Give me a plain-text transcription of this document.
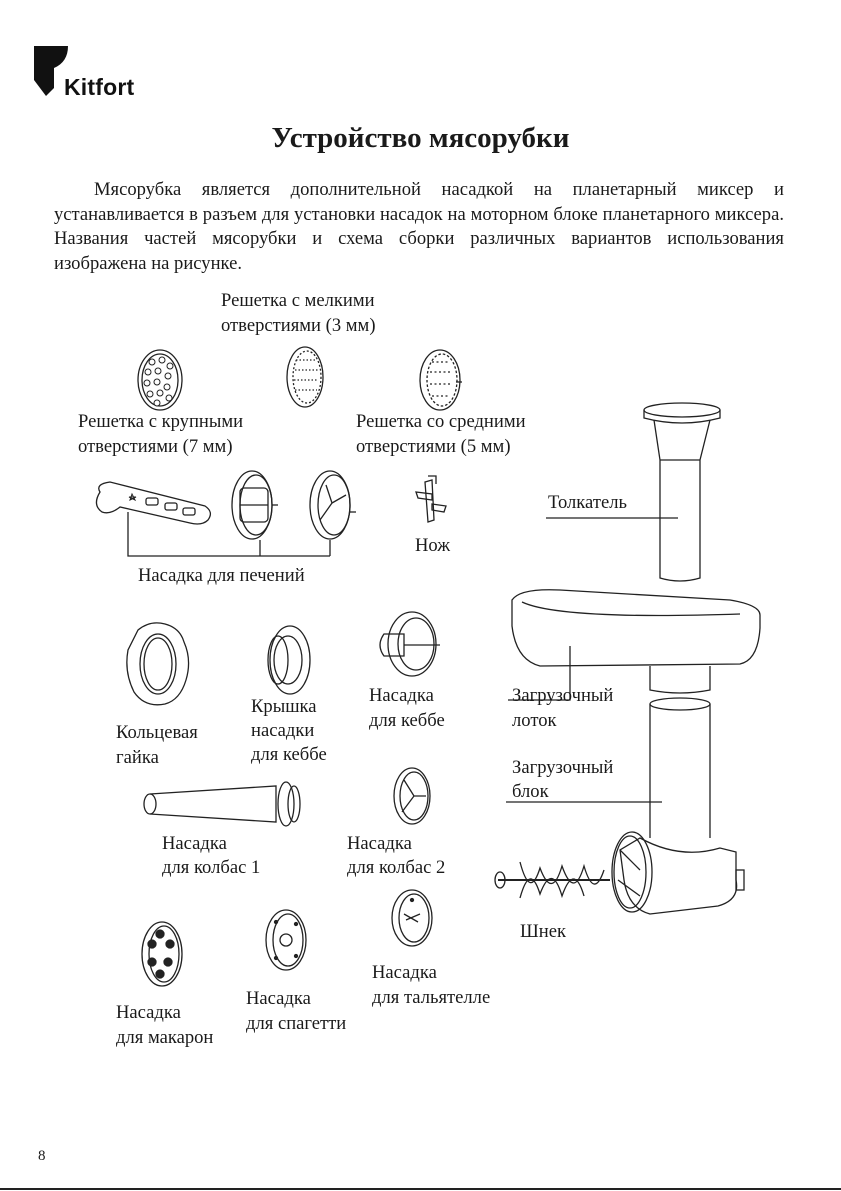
Kitfort
Устройство мясорубки
Мясорубка является дополнительной насадкой на планетарный миксер и устанавливается в разъем для установки насадок на моторном блоке планетарного миксера. Названия частей мясорубки и схема сборки различных вариантов использования изображена на рисунке.
Решетка с мелкими
отверстиями (3 мм)
Решетка с крупными
отверстиями (7 мм)
Решетка со средними
отверстиями (5 мм)
Толкатель
Нож
Насадка для печений
Кольцевая
гайка
Крышка
насадки
для кеббе
Насадка
для кеббе
Загрузочный
лоток
Загрузочный
блок
Насадка
для колбас 1
Насадка
для колбас 2
Шнек
Насадка
для тальятелле
Насадка
для спагетти
Насадка
для макарон
8
